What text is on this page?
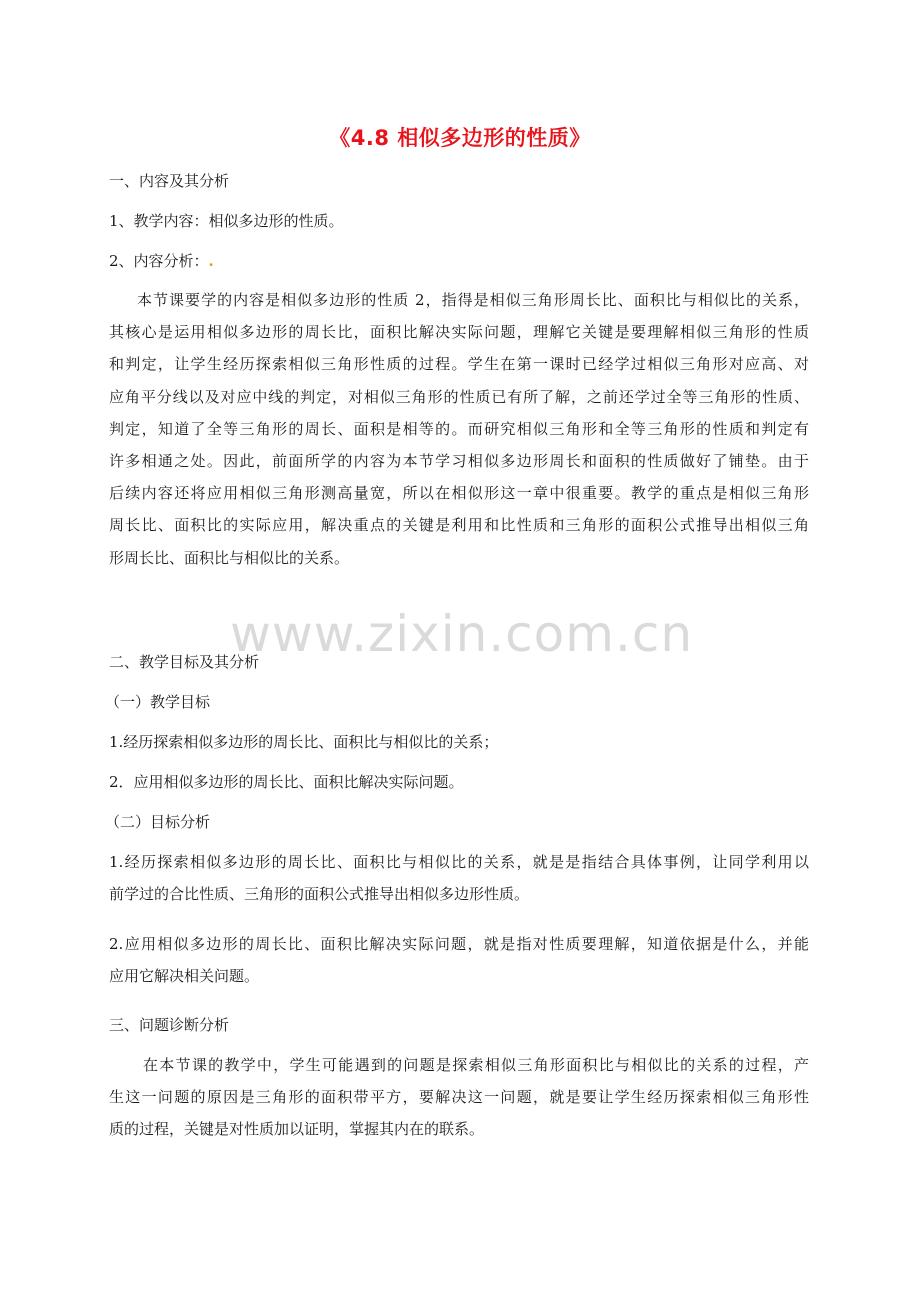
《4.8 相似多边形的性质》
一、内容及其分析
1、教学内容：相似多边形的性质。
2、内容分析：.
本节课要学的内容是相似多边形的性质 2，指得是相似三角形周长比、面积比与相似比的关系，
其核心是运用相似多边形的周长比，面积比解决实际问题，理解它关键是要理解相似三角形的性质
和判定，让学生经历探索相似三角形性质的过程。学生在第一课时已经学过相似三角形对应高、对
应角平分线以及对应中线的判定，对相似三角形的性质已有所了解，之前还学过全等三角形的性质、
判定，知道了全等三角形的周长、面积是相等的。而研究相似三角形和全等三角形的性质和判定有
许多相通之处。因此，前面所学的内容为本节学习相似多边形周长和面积的性质做好了铺垫。由于
后续内容还将应用相似三角形测高量宽，所以在相似形这一章中很重要。教学的重点是相似三角形
周长比、面积比的实际应用，解决重点的关键是利用和比性质和三角形的面积公式推导出相似三角
形周长比、面积比与相似比的关系。
二、教学目标及其分析
（一）教学目标
1.经历探索相似多边形的周长比、面积比与相似比的关系；
2．应用相似多边形的周长比、面积比解决实际问题。
（二）目标分析
1.经历探索相似多边形的周长比、面积比与相似比的关系，就是是指结合具体事例，让同学利用以
前学过的合比性质、三角形的面积公式推导出相似多边形性质。
2.应用相似多边形的周长比、面积比解决实际问题，就是指对性质要理解，知道依据是什么，并能
应用它解决相关问题。
三、问题诊断分析
在本节课的教学中，学生可能遇到的问题是探索相似三角形面积比与相似比的关系的过程，产
生这一问题的原因是三角形的面积带平方，要解决这一问题，就是要让学生经历探索相似三角形性
质的过程，关键是对性质加以证明，掌握其内在的联系。
www.zixin.com.cn
